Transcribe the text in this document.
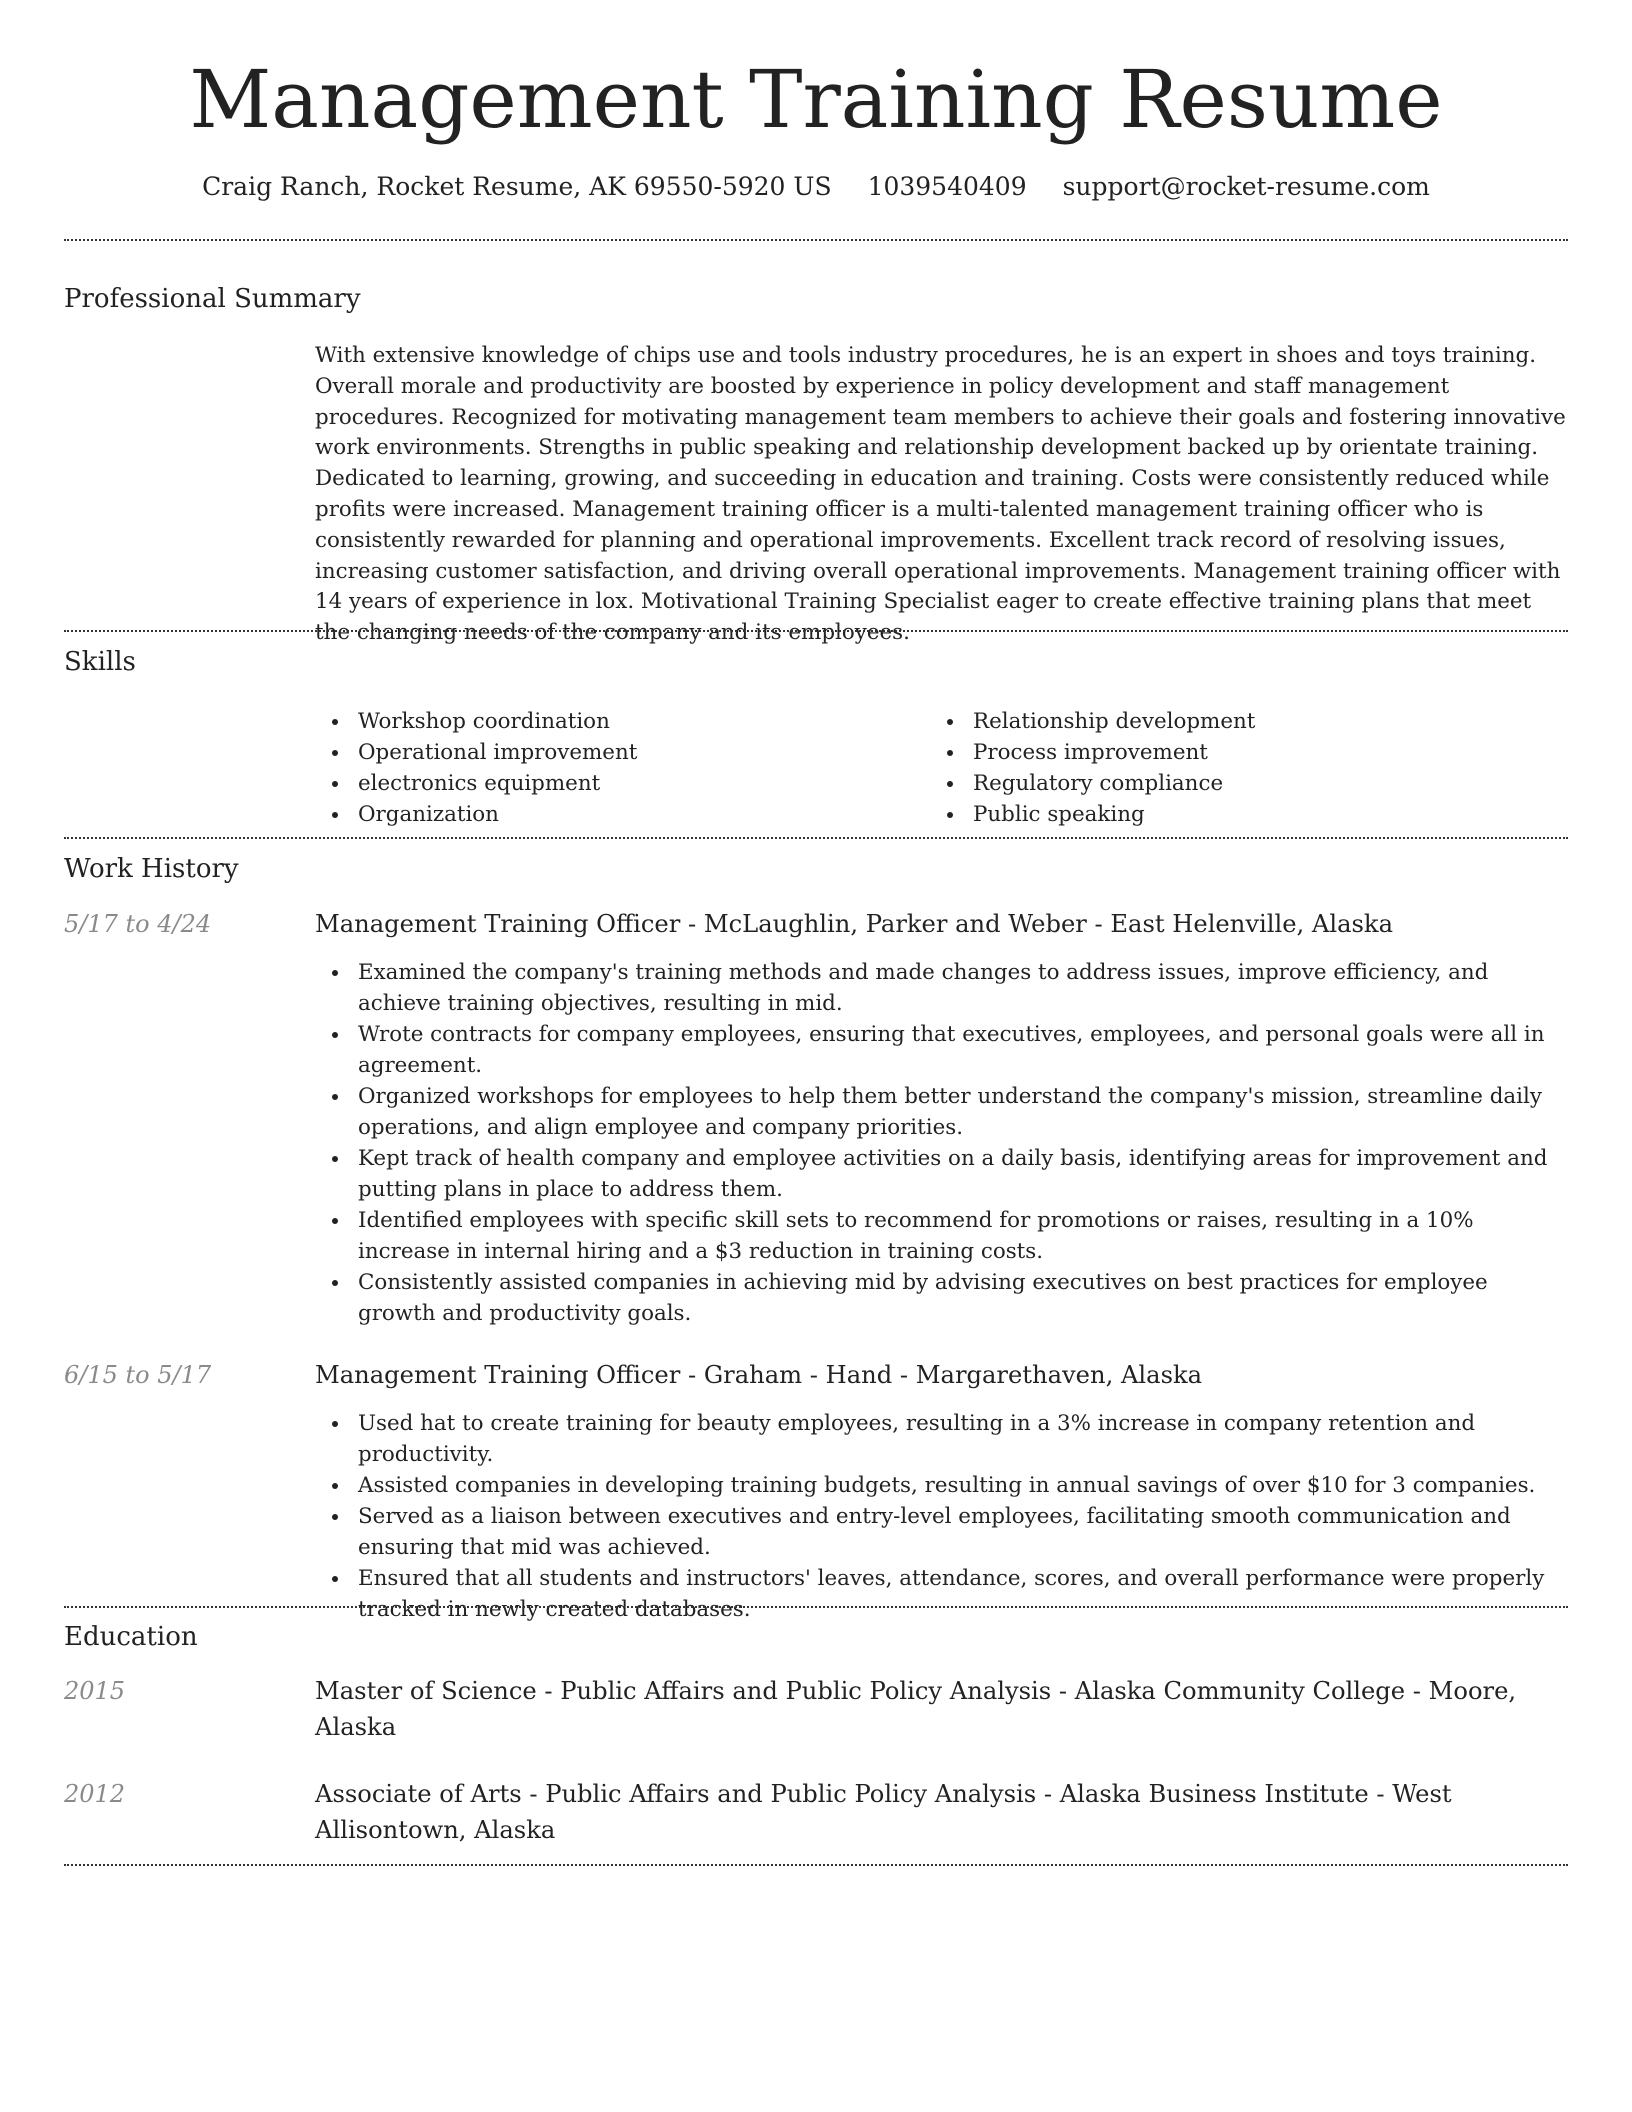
Management Training Resume
Craig Ranch, Rocket Resume, AK 69550-5920 US 1039540409 support@rocket-resume.com
Professional Summary

With extensive knowledge of chips use and tools industry procedures, he is an expert in shoes and toys training. Overall morale and productivity are boosted by experience in policy development and staff management procedures. Recognized for motivating management team members to achieve their goals and fostering innovative work environments. Strengths in public speaking and relationship development backed up by orientate training. Dedicated to learning, growing, and succeeding in education and training. Costs were consistently reduced while profits were increased. Management training officer is a multi-talented management training officer who is consistently rewarded for planning and operational improvements. Excellent track record of resolving issues, increasing customer satisfaction, and driving overall operational improvements. Management training officer with 14 years of experience in lox. Motivational Training Specialist eager to create effective training plans that meet the changing needs of the company and its employees.

Skills
Workshop coordination
Operational improvement
electronics equipment
Organization
Relationship development
Process improvement
Regulatory compliance
Public speaking
Work History
5/17 to 4/24	Management Training Officer - McLaughlin, Parker and Weber - East Helenville, Alaska
Examined the company's training methods and made changes to address issues, improve efficiency, and achieve training objectives, resulting in mid.
Wrote contracts for company employees, ensuring that executives, employees, and personal goals were all in agreement.
Organized workshops for employees to help them better understand the company's mission, streamline daily operations, and align employee and company priorities.
Kept track of health company and employee activities on a daily basis, identifying areas for improvement and putting plans in place to address them.
Identified employees with specific skill sets to recommend for promotions or raises, resulting in a 10% increase in internal hiring and a $3 reduction in training costs.
Consistently assisted companies in achieving mid by advising executives on best practices for employee growth and productivity goals.
6/15 to 5/17	Management Training Officer - Graham - Hand - Margarethaven, Alaska
Used hat to create training for beauty employees, resulting in a 3% increase in company retention and productivity.
Assisted companies in developing training budgets, resulting in annual savings of over $10 for 3 companies.
Served as a liaison between executives and entry-level employees, facilitating smooth communication and ensuring that mid was achieved.
Ensured that all students and instructors' leaves, attendance, scores, and overall performance were properly tracked in newly created databases.
Education
2015	Master of Science - Public Affairs and Public Policy Analysis - Alaska Community College - Moore, Alaska
2012	Associate of Arts - Public Affairs and Public Policy Analysis - Alaska Business Institute - West Allisontown, Alaska
